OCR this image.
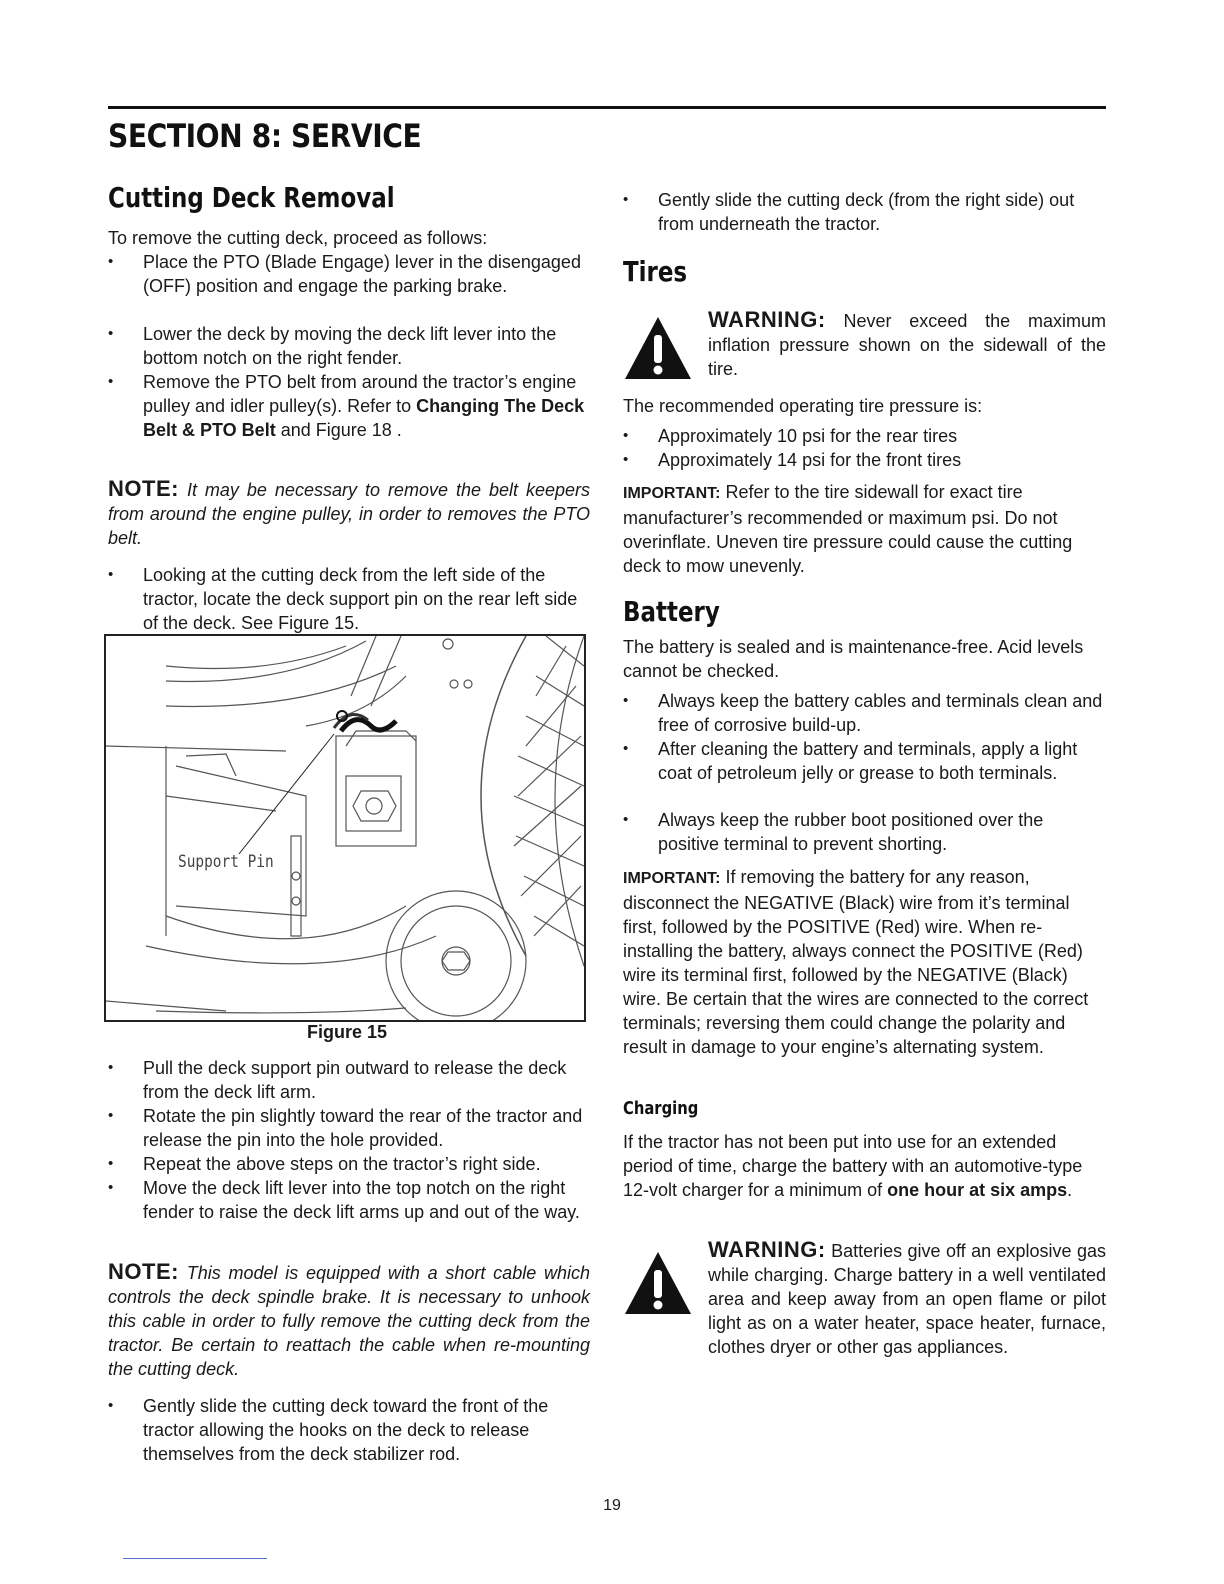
SECTION 8: SERVICE
Cutting Deck Removal

To remove the cutting deck, proceed as follows:

• Place the PTO (Blade Engage) lever in the disengaged (OFF) position and engage the parking brake.

• Lower the deck by moving the deck lift lever into the bottom notch on the right fender.

• Remove the PTO belt from around the tractor’s engine pulley and idler pulley(s). Refer to Changing The Deck Belt & PTO Belt and Figure 18 .

NOTE: It may be necessary to remove the belt keepers from around the engine pulley, in order to removes the PTO belt.

• Looking at the cutting deck from the left side of the tractor, locate the deck support pin on the rear left side of the deck. See Figure 15.

Support Pin
Figure 15

• Pull the deck support pin outward to release the deck from the deck lift arm.

• Rotate the pin slightly toward the rear of the tractor and release the pin into the hole provided.

• Repeat the above steps on the tractor’s right side.

• Move the deck lift lever into the top notch on the right fender to raise the deck lift arms up and out of the way.

NOTE: This model is equipped with a short cable which controls the deck spindle brake. It is necessary to unhook this cable in order to fully remove the cutting deck from the tractor. Be certain to reattach the cable when re-mounting the cutting deck.

• Gently slide the cutting deck toward the front of the tractor allowing the hooks on the deck to release themselves from the deck stabilizer rod.

• Gently slide the cutting deck (from the right side) out from underneath the tractor.

Tires

WARNING: Never exceed the maximum inflation pressure shown on the sidewall of the tire.

The recommended operating tire pressure is:

• Approximately 10 psi for the rear tires

• Approximately 14 psi for the front tires

IMPORTANT: Refer to the tire sidewall for exact tire manufacturer’s recommended or maximum psi. Do not overinflate. Uneven tire pressure could cause the cutting deck to mow unevenly.

Battery

The battery is sealed and is maintenance-free. Acid levels cannot be checked.

• Always keep the battery cables and terminals clean and free of corrosive build-up.

• After cleaning the battery and terminals, apply a light coat of petroleum jelly or grease to both terminals.

• Always keep the rubber boot positioned over the positive terminal to prevent shorting.

IMPORTANT: If removing the battery for any reason, disconnect the NEGATIVE (Black) wire from it’s terminal first, followed by the POSITIVE (Red) wire. When re-installing the battery, always connect the POSITIVE (Red) wire its terminal first, followed by the NEGATIVE (Black) wire. Be certain that the wires are connected to the correct terminals; reversing them could change the polarity and result in damage to your engine’s alternating system.

Charging

If the tractor has not been put into use for an extended period of time, charge the battery with an automotive-type 12-volt charger for a minimum of one hour at six amps.

WARNING: Batteries give off an explosive gas while charging. Charge battery in a well ventilated area and keep away from an open flame or pilot light as on a water heater, space heater, furnace, clothes dryer or other gas appliances.

19
